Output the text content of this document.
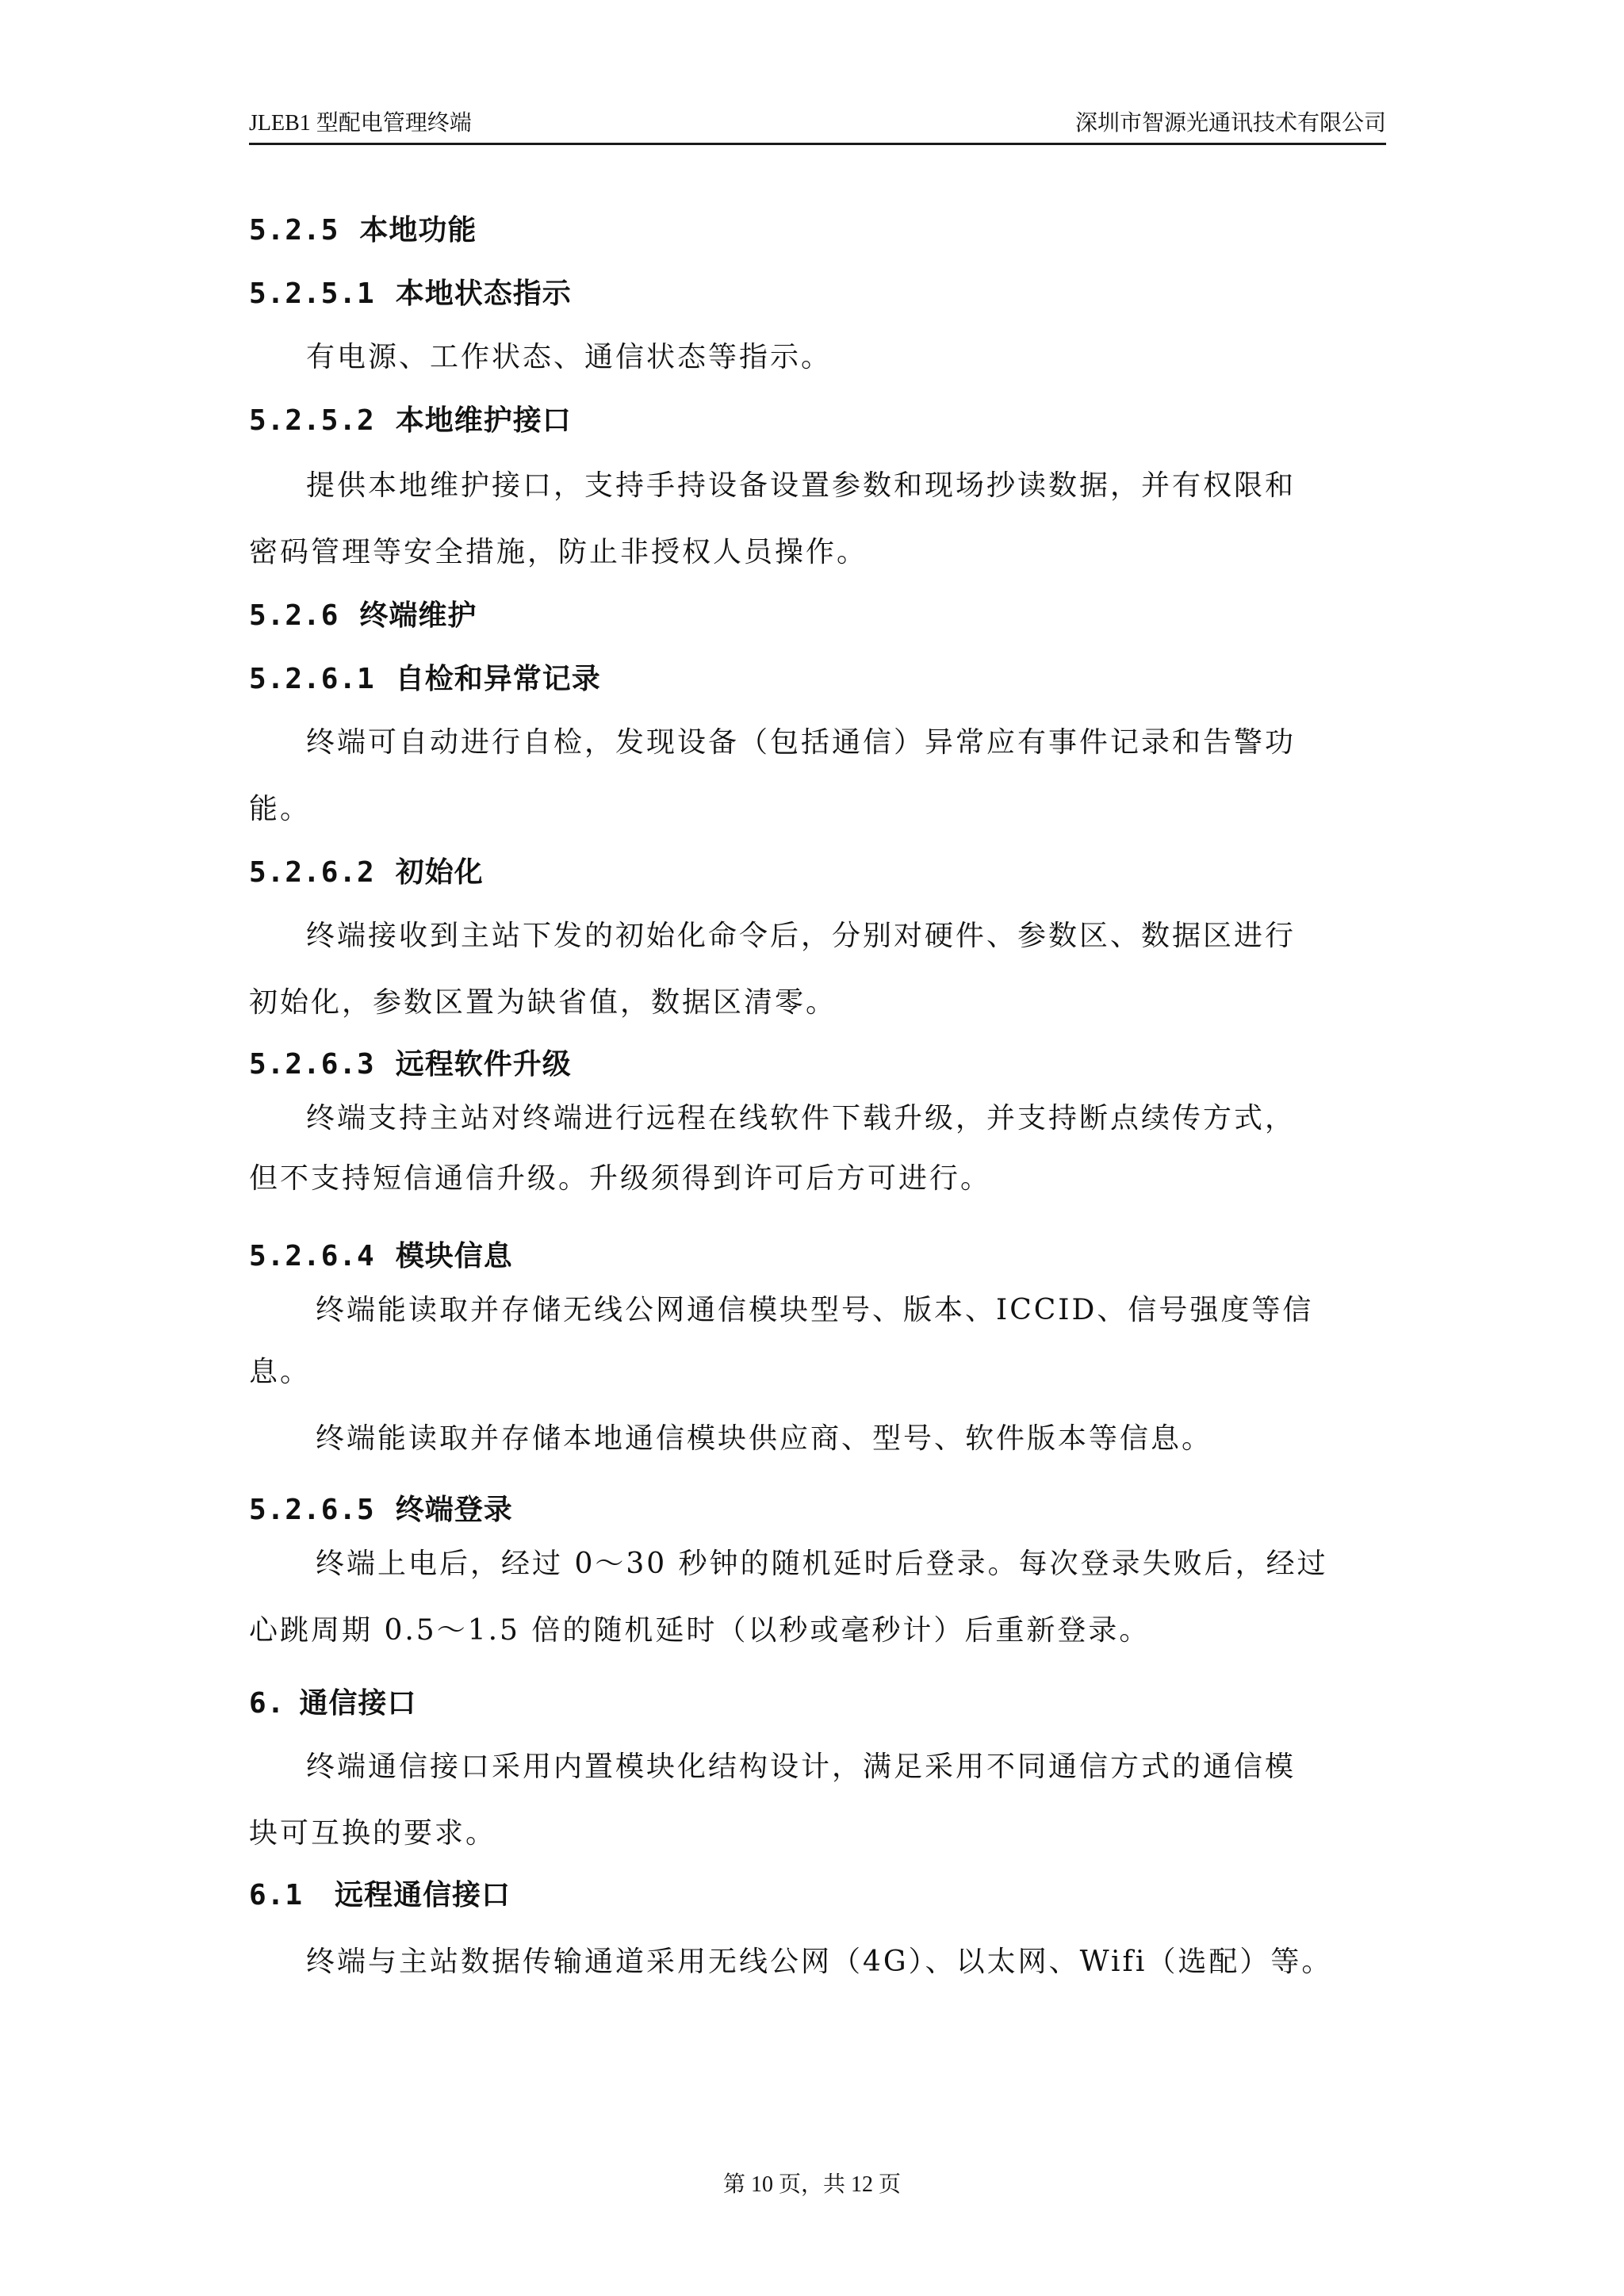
JLEB1 型配电管理终端	深圳市智源光通讯技术有限公司
5.2.5 本地功能
5.2.5.1 本地状态指示
有电源、工作状态、通信状态等指示。
5.2.5.2 本地维护接口
提供本地维护接口，支持手持设备设置参数和现场抄读数据，并有权限和
密码管理等安全措施，防止非授权人员操作。
5.2.6 终端维护
5.2.6.1 自检和异常记录
终端可自动进行自检，发现设备（包括通信）异常应有事件记录和告警功
能。
5.2.6.2 初始化
终端接收到主站下发的初始化命令后，分别对硬件、参数区、数据区进行
初始化，参数区置为缺省值，数据区清零。
5.2.6.3 远程软件升级
终端支持主站对终端进行远程在线软件下载升级，并支持断点续传方式，
但不支持短信通信升级。升级须得到许可后方可进行。
5.2.6.4 模块信息
终端能读取并存储无线公网通信模块型号、版本、ICCID、信号强度等信
息。
终端能读取并存储本地通信模块供应商、型号、软件版本等信息。
5.2.6.5 终端登录
终端上电后，经过 0～30 秒钟的随机延时后登录。每次登录失败后，经过
心跳周期 0.5～1.5 倍的随机延时（以秒或毫秒计）后重新登录。
6. 通信接口
终端通信接口采用内置模块化结构设计，满足采用不同通信方式的通信模
块可互换的要求。
6.1 远程通信接口
终端与主站数据传输通道采用无线公网（4G）、以太网、Wifi（选配）等。
第 10 页，共 12 页
